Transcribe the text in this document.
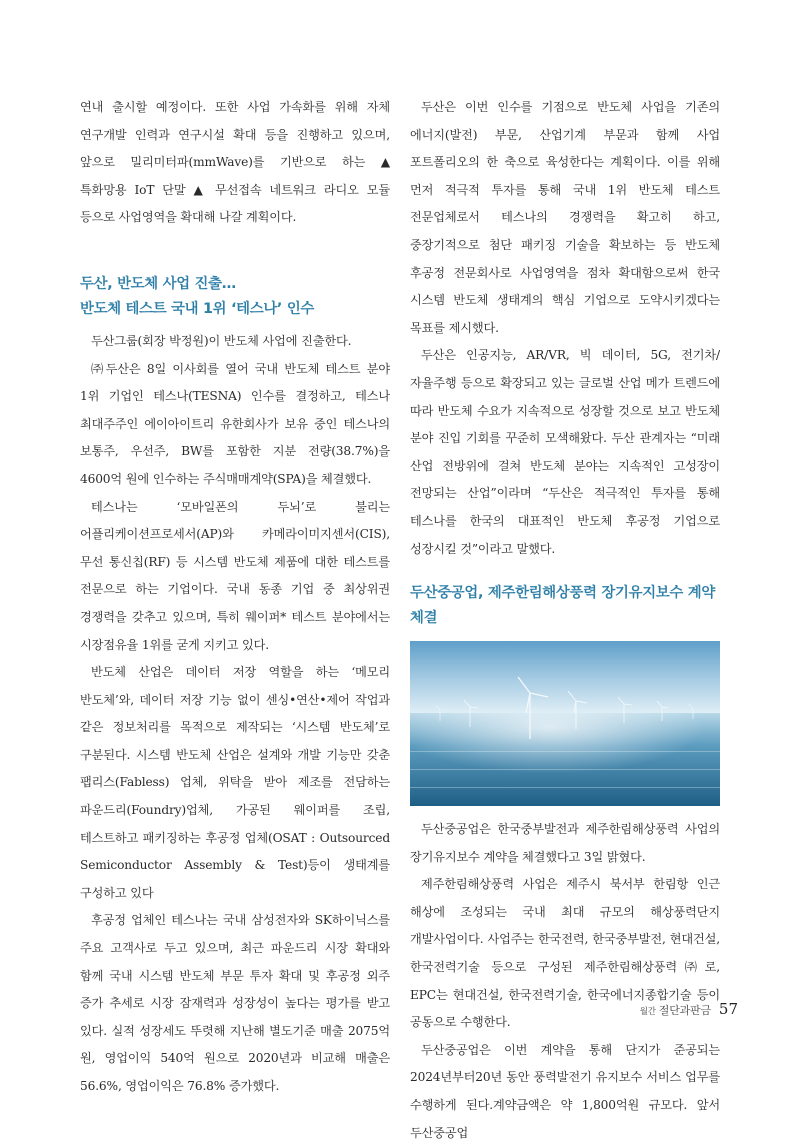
연내 출시할 예정이다. 또한 사업 가속화를 위해 자체 연구개발 인력과 연구시설 확대 등을 진행하고 있으며, 앞으로 밀리미터파(mmWave)를 기반으로 하는 ▲ 특화망용 IoT 단말 ▲ 무선접속 네트워크 라디오 모듈 등으로 사업영역을 확대해 나갈 계획이다.

두산, 반도체 사업 진출…
반도체 테스트 국내 1위 ‘테스나’ 인수

두산그룹(회장 박정원)이 반도체 사업에 진출한다.

㈜두산은 8일 이사회를 열어 국내 반도체 테스트 분야 1위 기업인 테스나(TESNA) 인수를 결정하고, 테스나 최대주주인 에이아이트리 유한회사가 보유 중인 테스나의 보통주, 우선주, BW를 포함한 지분 전량(38.7%)을 4600억 원에 인수하는 주식매매계약(SPA)을 체결했다.

테스나는 ‘모바일폰의 두뇌’로 불리는 어플리케이션프로세서(AP)와 카메라이미지센서(CIS), 무선 통신칩(RF) 등 시스템 반도체 제품에 대한 테스트를 전문으로 하는 기업이다. 국내 동종 기업 중 최상위권 경쟁력을 갖추고 있으며, 특히 웨이퍼* 테스트 분야에서는 시장점유율 1위를 굳게 지키고 있다.

반도체 산업은 데이터 저장 역할을 하는 ‘메모리 반도체’와, 데이터 저장 기능 없이 센싱•연산•제어 작업과 같은 정보처리를 목적으로 제작되는 ‘시스템 반도체’로 구분된다. 시스템 반도체 산업은 설계와 개발 기능만 갖춘 팹리스(Fabless) 업체, 위탁을 받아 제조를 전담하는 파운드리(Foundry)업체, 가공된 웨이퍼를 조립, 테스트하고 패키징하는 후공정 업체(OSAT : Outsourced Semiconductor Assembly & Test)등이 생태계를 구성하고 있다

후공정 업체인 테스나는 국내 삼성전자와 SK하이닉스를 주요 고객사로 두고 있으며, 최근 파운드리 시장 확대와 함께 국내 시스템 반도체 부문 투자 확대 및 후공정 외주 증가 추세로 시장 잠재력과 성장성이 높다는 평가를 받고 있다. 실적 성장세도 뚜렷해 지난해 별도기준 매출 2075억 원, 영업이익 540억 원으로 2020년과 비교해 매출은 56.6%, 영업이익은 76.8% 증가했다.

두산은 이번 인수를 기점으로 반도체 사업을 기존의 에너지(발전) 부문, 산업기계 부문과 함께 사업 포트폴리오의 한 축으로 육성한다는 계획이다. 이를 위해 먼저 적극적 투자를 통해 국내 1위 반도체 테스트 전문업체로서 테스나의 경쟁력을 확고히 하고, 중장기적으로 첨단 패키징 기술을 확보하는 등 반도체 후공정 전문회사로 사업영역을 점차 확대함으로써 한국 시스템 반도체 생태계의 핵심 기업으로 도약시키겠다는 목표를 제시했다.

두산은 인공지능, AR/VR, 빅 데이터, 5G, 전기차/자율주행 등으로 확장되고 있는 글로벌 산업 메가 트렌드에 따라 반도체 수요가 지속적으로 성장할 것으로 보고 반도체 분야 진입 기회를 꾸준히 모색해왔다. 두산 관계자는 “미래 산업 전방위에 걸쳐 반도체 분야는 지속적인 고성장이 전망되는 산업”이라며 “두산은 적극적인 투자를 통해 테스나를 한국의 대표적인 반도체 후공정 기업으로 성장시킬 것”이라고 말했다.

두산중공업, 제주한림해상풍력 장기유지보수 계약 체결

두산중공업은 한국중부발전과 제주한림해상풍력 사업의 장기유지보수 계약을 체결했다고 3일 밝혔다.

제주한림해상풍력 사업은 제주시 북서부 한림항 인근 해상에 조성되는 국내 최대 규모의 해상풍력단지 개발사업이다. 사업주는 한국전력, 한국중부발전, 현대건설, 한국전력기술 등으로 구성된 제주한림해상풍력㈜로, EPC는 현대건설, 한국전력기술, 한국에너지종합기술 등이 공동으로 수행한다.

두산중공업은 이번 계약을 통해 단지가 준공되는 2024년부터20년 동안 풍력발전기 유지보수 서비스 업무를 수행하게 된다.계약금액은 약 1,800억원 규모다. 앞서 두산중공업

월간 절단과판금 57
